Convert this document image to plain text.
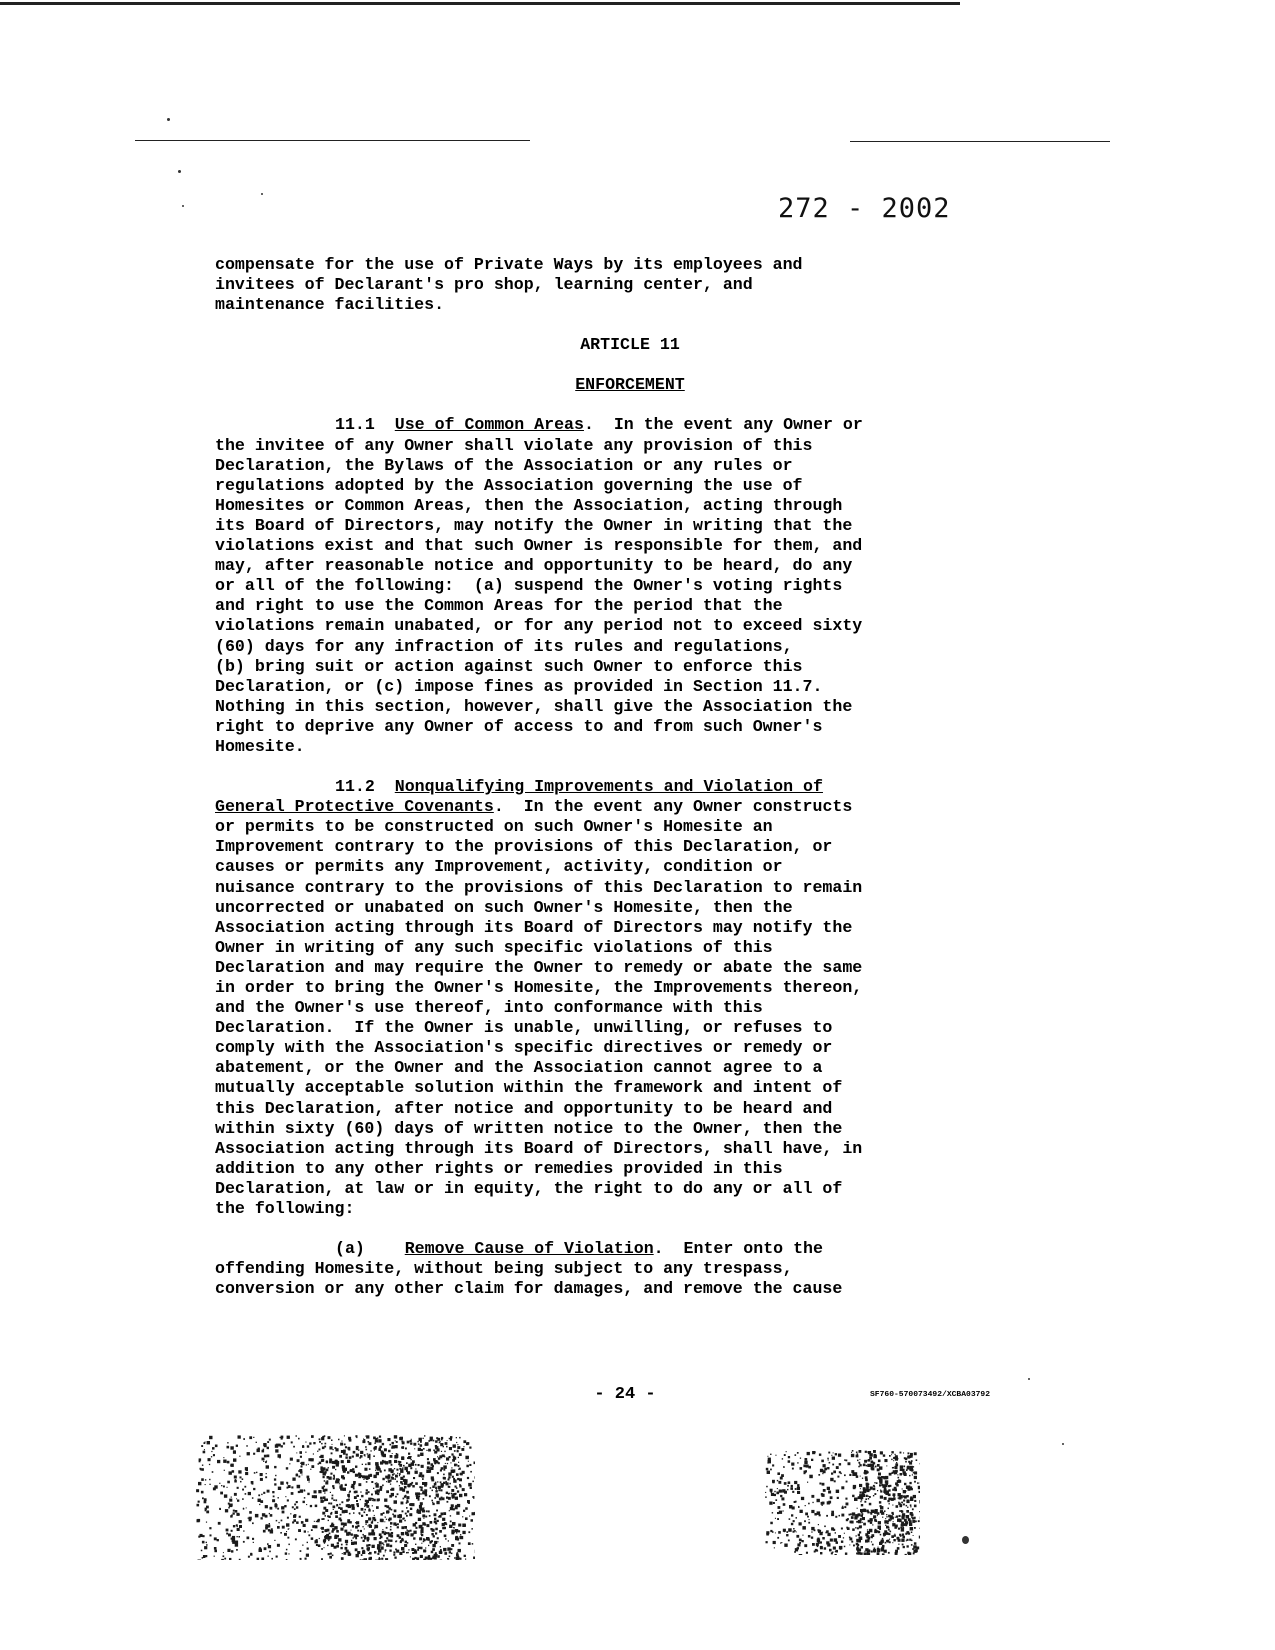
272 - 2002

compensate for the use of Private Ways by its employees and

invitees of Declarant's pro shop, learning center, and

maintenance facilities.

ARTICLE 11

ENFORCEMENT

11.1 Use of Common Areas.  In the event any Owner or

the invitee of any Owner shall violate any provision of this

Declaration, the Bylaws of the Association or any rules or

regulations adopted by the Association governing the use of

Homesites or Common Areas, then the Association, acting through

its Board of Directors, may notify the Owner in writing that the

violations exist and that such Owner is responsible for them, and

may, after reasonable notice and opportunity to be heard, do any

or all of the following:  (a) suspend the Owner's voting rights

and right to use the Common Areas for the period that the

violations remain unabated, or for any period not to exceed sixty

(60) days for any infraction of its rules and regulations,

(b) bring suit or action against such Owner to enforce this

Declaration, or (c) impose fines as provided in Section 11.7.

Nothing in this section, however, shall give the Association the

right to deprive any Owner of access to and from such Owner's

Homesite.

11.2 Nonqualifying Improvements and Violation of

General Protective Covenants.  In the event any Owner constructs

or permits to be constructed on such Owner's Homesite an

Improvement contrary to the provisions of this Declaration, or

causes or permits any Improvement, activity, condition or

nuisance contrary to the provisions of this Declaration to remain

uncorrected or unabated on such Owner's Homesite, then the

Association acting through its Board of Directors may notify the

Owner in writing of any such specific violations of this

Declaration and may require the Owner to remedy or abate the same

in order to bring the Owner's Homesite, the Improvements thereon,

and the Owner's use thereof, into conformance with this

Declaration.  If the Owner is unable, unwilling, or refuses to

comply with the Association's specific directives or remedy or

abatement, or the Owner and the Association cannot agree to a

mutually acceptable solution within the framework and intent of

this Declaration, after notice and opportunity to be heard and

within sixty (60) days of written notice to the Owner, then the

Association acting through its Board of Directors, shall have, in

addition to any other rights or remedies provided in this

Declaration, at law or in equity, the right to do any or all of

the following:

(a) Remove Cause of Violation.  Enter onto the

offending Homesite, without being subject to any trespass,

conversion or any other claim for damages, and remove the cause

- 24 -	SF760-570073492/XCBA03792
